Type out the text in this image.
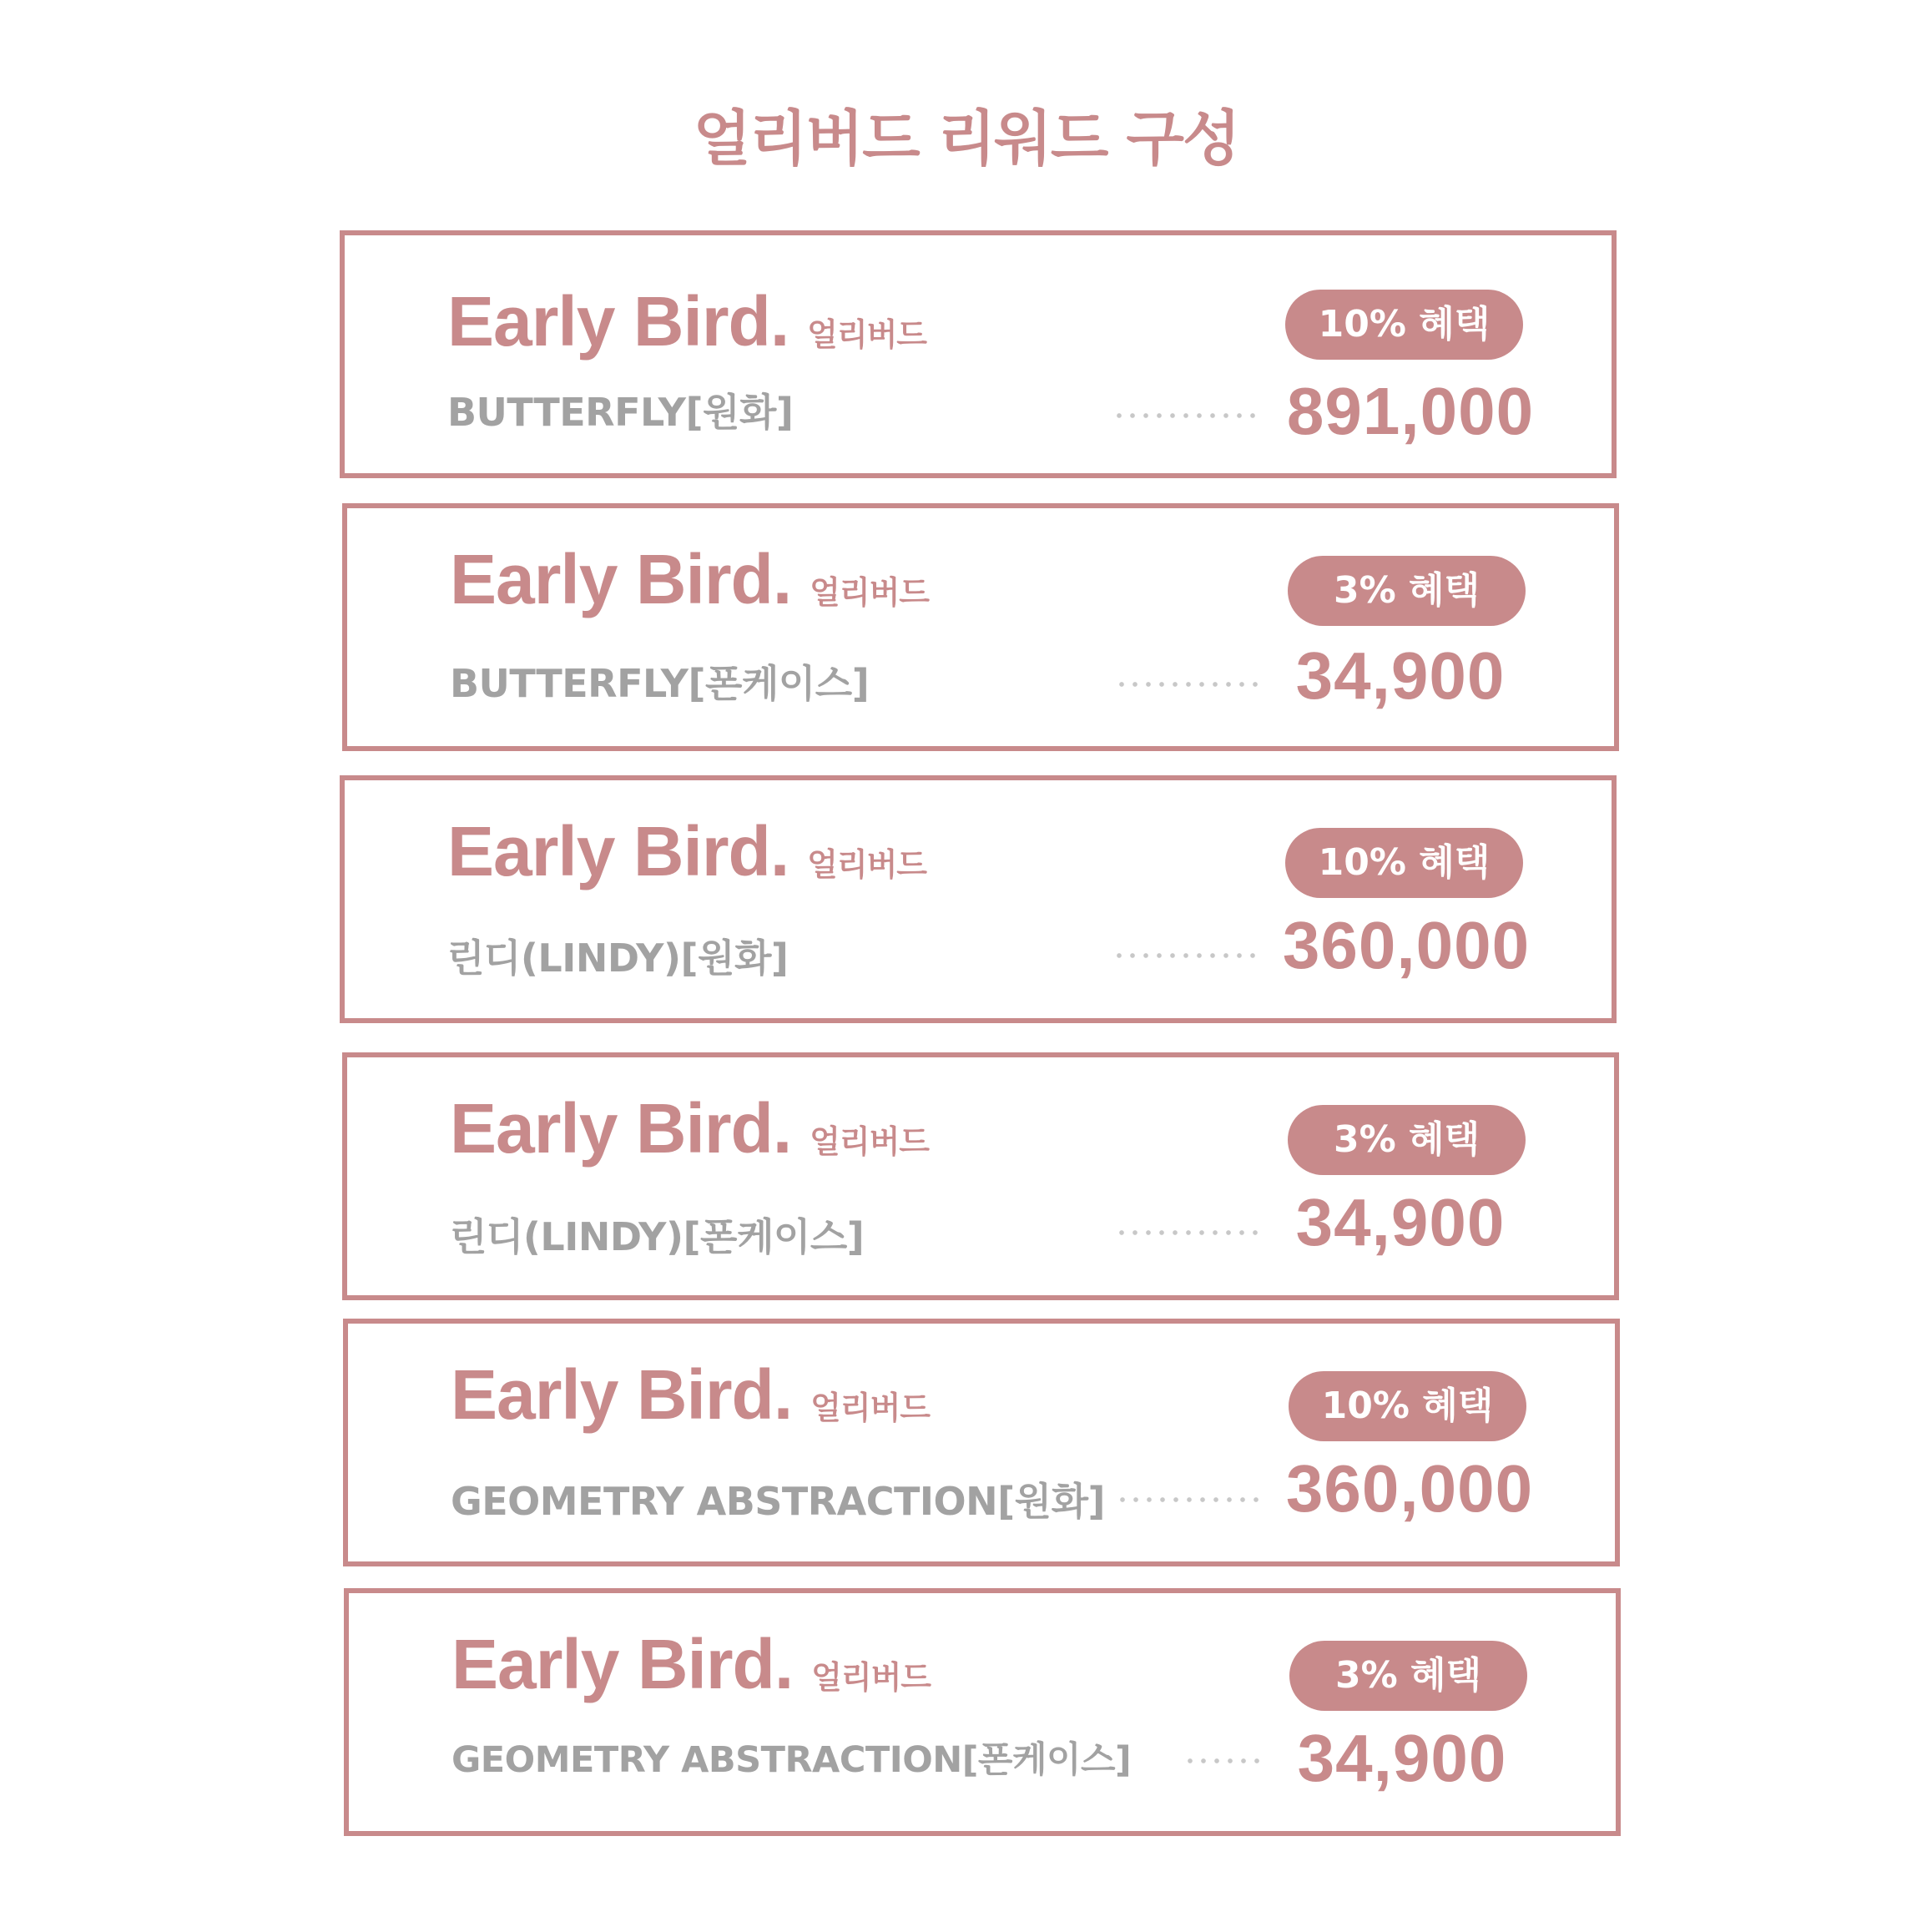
얼리버드 리워드 구성
Early Bird. 얼리버드
BUTTERFLY[원화]
10% 혜택
891,000
Early Bird. 얼리버드
BUTTERFLY[폰케이스]
3% 혜택
34,900
Early Bird. 얼리버드
린디(LINDY)[원화]
10% 혜택
360,000
Early Bird. 얼리버드
린디(LINDY)[폰케이스]
3% 혜택
34,900
Early Bird. 얼리버드
GEOMETRY ABSTRACTION[원화]
10% 혜택
360,000
Early Bird. 얼리버드
GEOMETRY ABSTRACTION[폰케이스]
3% 혜택
34,900
